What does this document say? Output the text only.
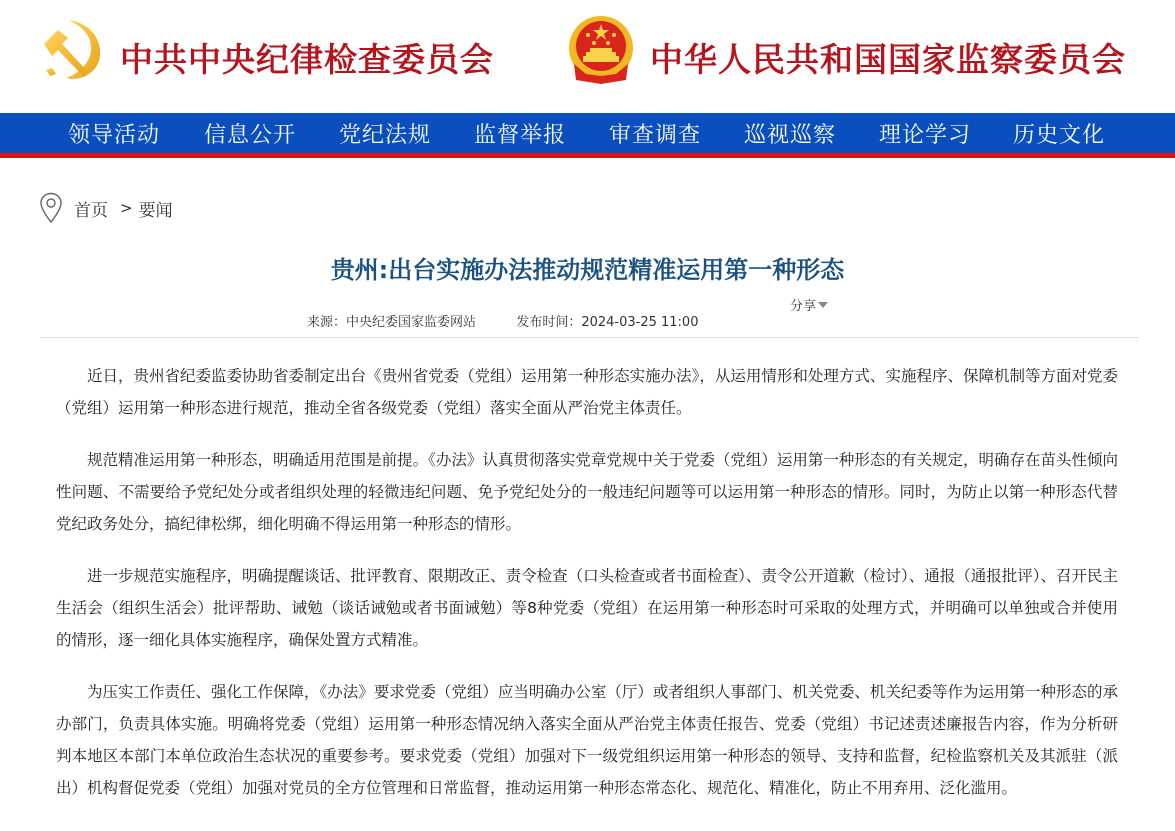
中共中央纪律检查委员会	中华人民共和国国家监察委员会
领导活动 信息公开 党纪法规 监督举报 审查调查 巡视巡察 理论学习 历史文化
首页 > 要闻
贵州:出台实施办法推动规范精准运用第一种形态
分享
来源：中央纪委国家监委网站	发布时间：2024-03-25 11:00

近日，贵州省纪委监委协助省委制定出台《贵州省党委（党组）运用第一种形态实施办法》，从运用情形和处理方式、实施程序、保障机制等方面对党委（党组）运用第一种形态进行规范，推动全省各级党委（党组）落实全面从严治党主体责任。

规范精准运用第一种形态，明确适用范围是前提。《办法》认真贯彻落实党章党规中关于党委（党组）运用第一种形态的有关规定，明确存在苗头性倾向性问题、不需要给予党纪处分或者组织处理的轻微违纪问题、免予党纪处分的一般违纪问题等可以运用第一种形态的情形。同时，为防止以第一种形态代替党纪政务处分，搞纪律松绑，细化明确不得运用第一种形态的情形。

进一步规范实施程序，明确提醒谈话、批评教育、限期改正、责令检查（口头检查或者书面检查）、责令公开道歉（检讨）、通报（通报批评）、召开民主生活会（组织生活会）批评帮助、诫勉（谈话诫勉或者书面诫勉）等8种党委（党组）在运用第一种形态时可采取的处理方式，并明确可以单独或合并使用的情形，逐一细化具体实施程序，确保处置方式精准。

为压实工作责任、强化工作保障，《办法》要求党委（党组）应当明确办公室（厅）或者组织人事部门、机关党委、机关纪委等作为运用第一种形态的承办部门，负责具体实施。明确将党委（党组）运用第一种形态情况纳入落实全面从严治党主体责任报告、党委（党组）书记述责述廉报告内容，作为分析研判本地区本部门本单位政治生态状况的重要参考。要求党委（党组）加强对下一级党组织运用第一种形态的领导、支持和监督，纪检监察机关及其派驻（派出）机构督促党委（党组）加强对党员的全方位管理和日常监督，推动运用第一种形态常态化、规范化、精准化，防止不用弃用、泛化滥用。
